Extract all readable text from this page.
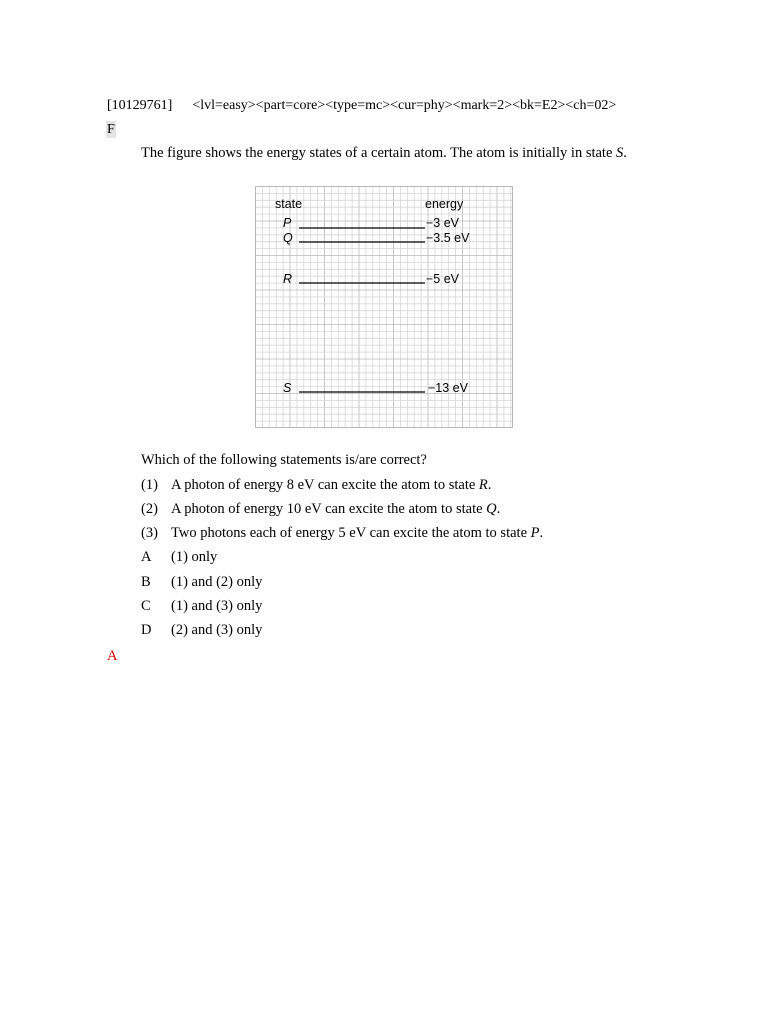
[10129761] <lvl=easy><part=core><type=mc><cur=phy><mark=2><bk=E2><ch=02>
F
The figure shows the energy states of a certain atom. The atom is initially in state S.
state	energy
P	−3 eV
Q	−3.5 eV
R	−5 eV
S	−13 eV
Which of the following statements is/are correct?
(1) A photon of energy 8 eV can excite the atom to state R.
(2) A photon of energy 10 eV can excite the atom to state Q.
(3) Two photons each of energy 5 eV can excite the atom to state P.
A (1) only
B (1) and (2) only
C (1) and (3) only
D (2) and (3) only
A
